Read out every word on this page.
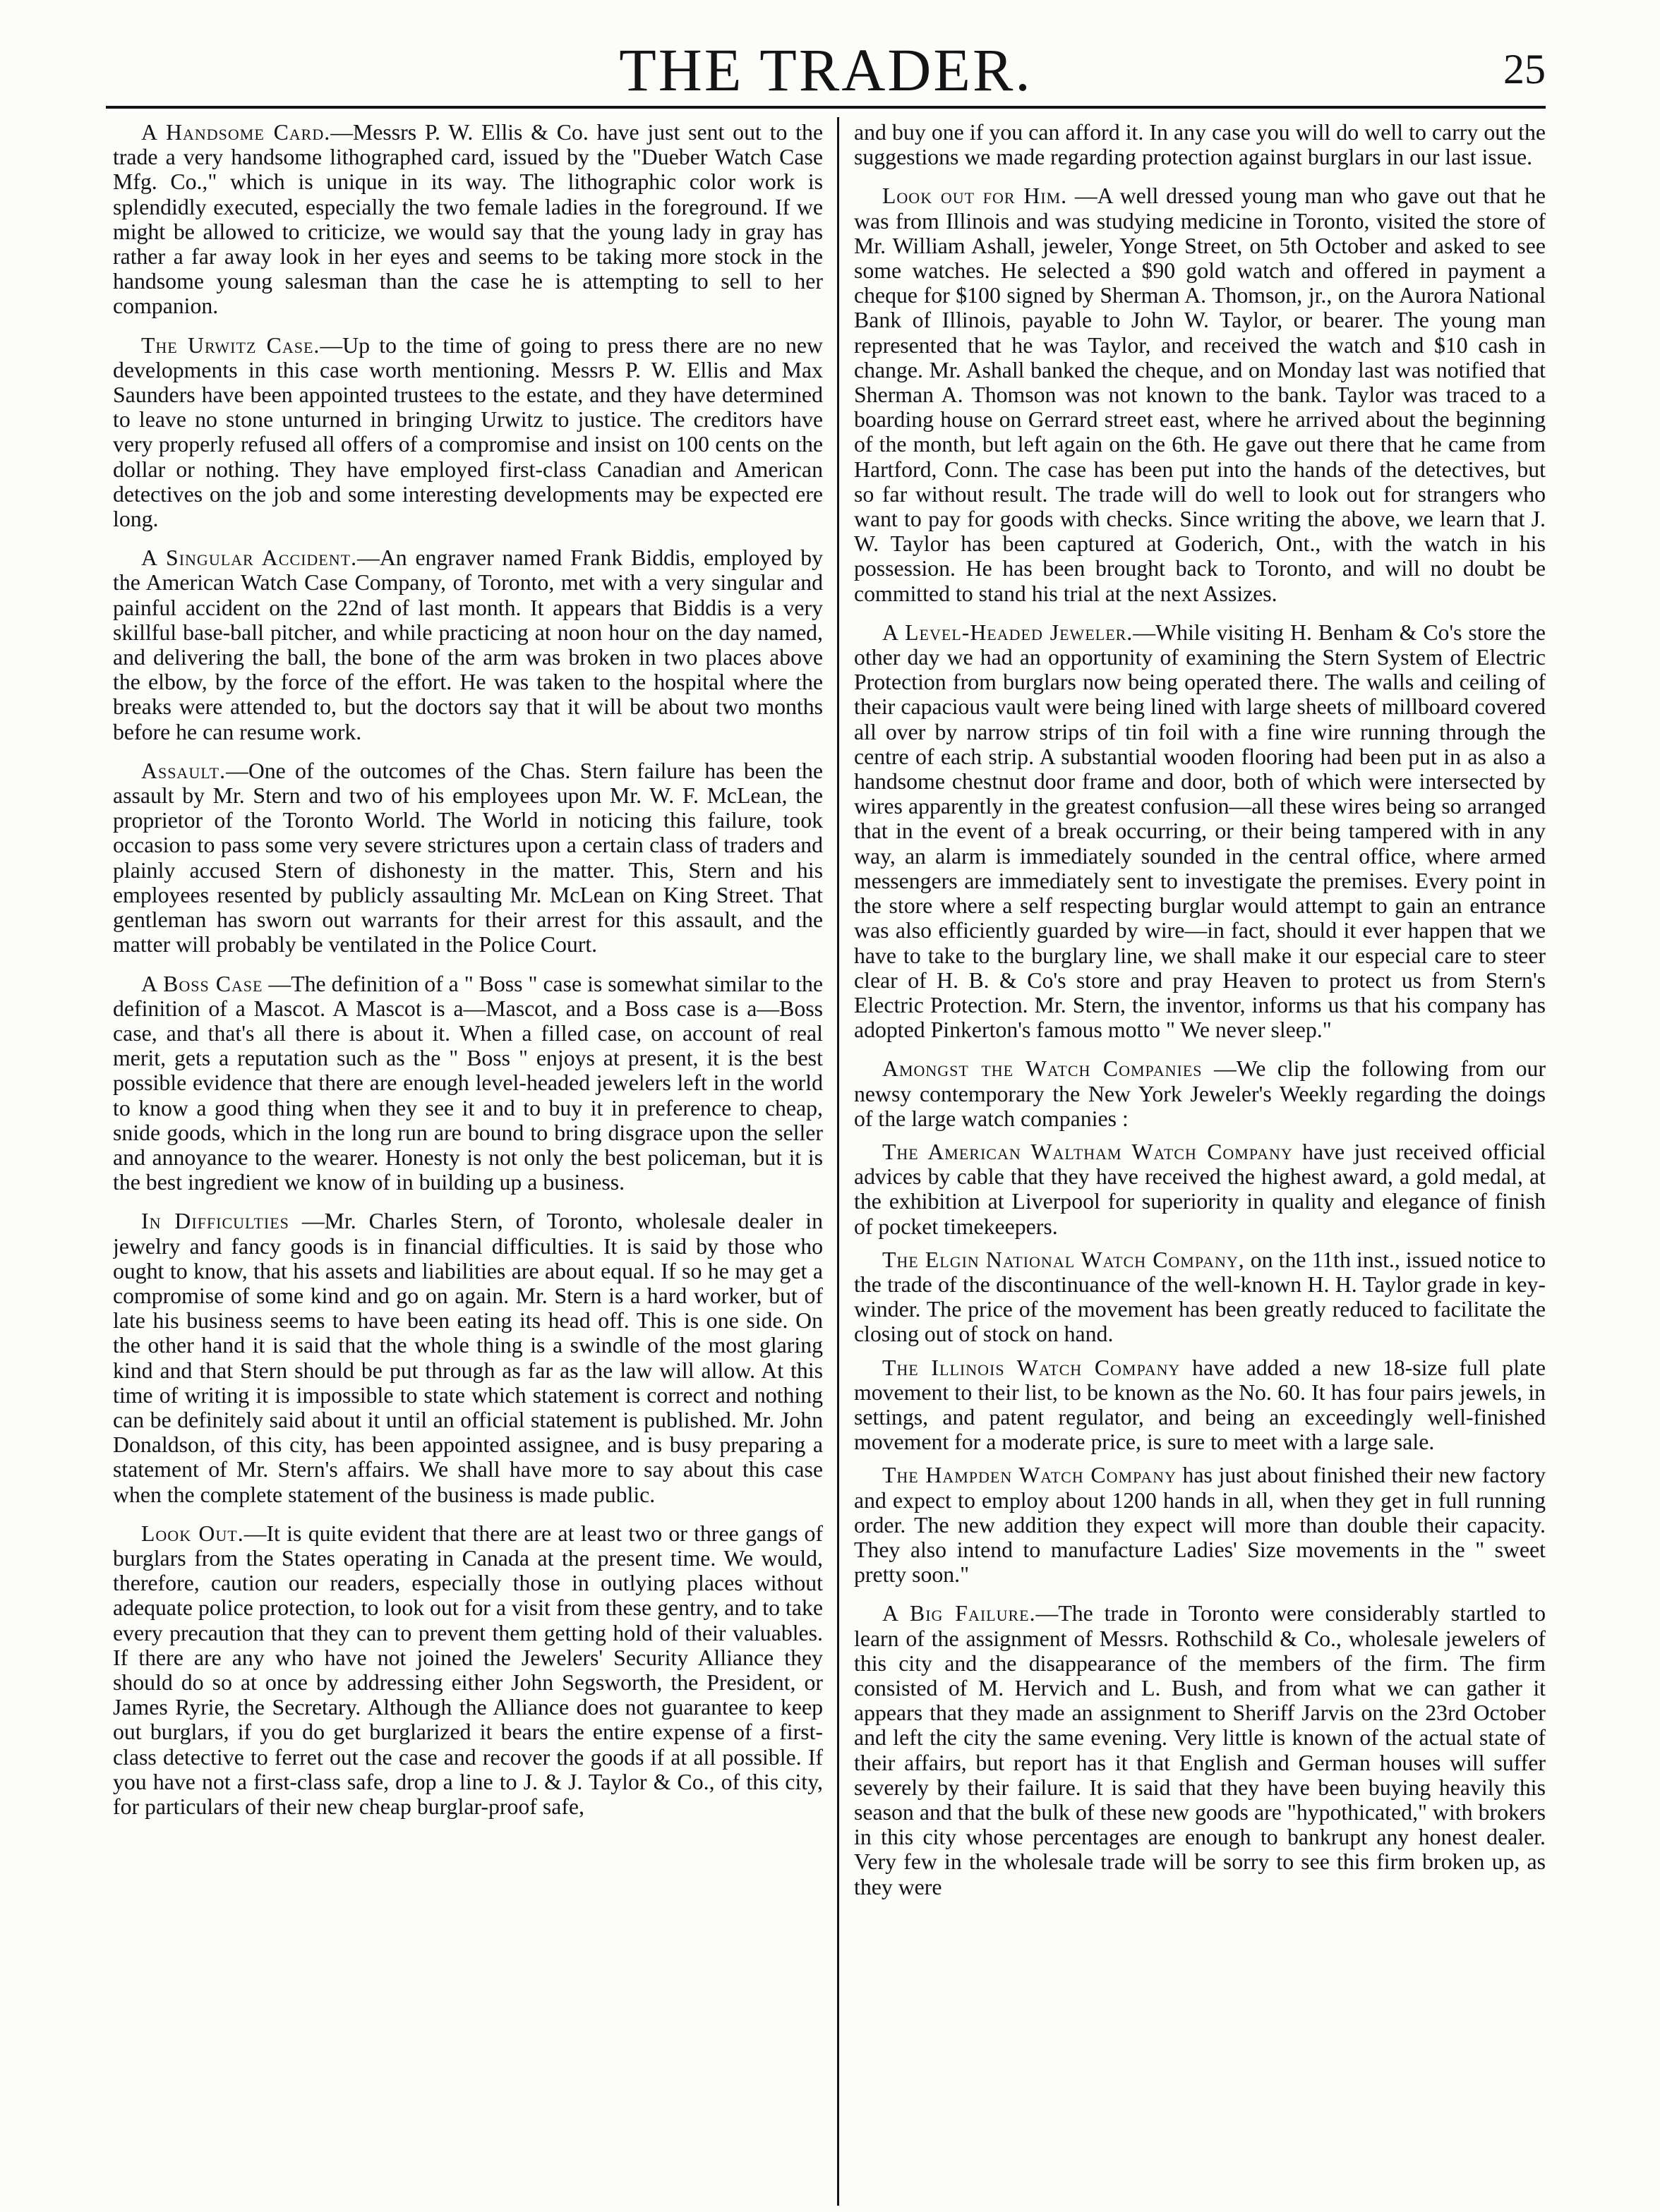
THE TRADER.	25

A Handsome Card.—Messrs P. W. Ellis & Co. have just sent out to the trade a very handsome lithographed card, issued by the "Dueber Watch Case Mfg. Co.," which is unique in its way. The lithographic color work is splendidly executed, especially the two female ladies in the foreground. If we might be allowed to criticize, we would say that the young lady in gray has rather a far away look in her eyes and seems to be taking more stock in the handsome young salesman than the case he is attempting to sell to her companion.

The Urwitz Case.—Up to the time of going to press there are no new developments in this case worth mentioning. Messrs P. W. Ellis and Max Saunders have been appointed trustees to the estate, and they have determined to leave no stone unturned in bringing Urwitz to justice. The creditors have very properly refused all offers of a compromise and insist on 100 cents on the dollar or nothing. They have employed first-class Canadian and American detectives on the job and some interesting developments may be expected ere long.

A Singular Accident.—An engraver named Frank Biddis, employed by the American Watch Case Company, of Toronto, met with a very singular and painful accident on the 22nd of last month. It appears that Biddis is a very skillful base-ball pitcher, and while practicing at noon hour on the day named, and delivering the ball, the bone of the arm was broken in two places above the elbow, by the force of the effort. He was taken to the hospital where the breaks were attended to, but the doctors say that it will be about two months before he can resume work.

Assault.—One of the outcomes of the Chas. Stern failure has been the assault by Mr. Stern and two of his employees upon Mr. W. F. McLean, the proprietor of the Toronto World. The World in noticing this failure, took occasion to pass some very severe strictures upon a certain class of traders and plainly accused Stern of dishonesty in the matter. This, Stern and his employees resented by publicly assaulting Mr. McLean on King Street. That gentleman has sworn out warrants for their arrest for this assault, and the matter will probably be ventilated in the Police Court.

A Boss Case —The definition of a " Boss " case is somewhat similar to the definition of a Mascot. A Mascot is a—Mascot, and a Boss case is a—Boss case, and that's all there is about it. When a filled case, on account of real merit, gets a reputation such as the " Boss " enjoys at present, it is the best possible evidence that there are enough level-headed jewelers left in the world to know a good thing when they see it and to buy it in preference to cheap, snide goods, which in the long run are bound to bring disgrace upon the seller and annoyance to the wearer. Honesty is not only the best policeman, but it is the best ingredient we know of in building up a business.

In Difficulties —Mr. Charles Stern, of Toronto, wholesale dealer in jewelry and fancy goods is in financial difficulties. It is said by those who ought to know, that his assets and liabilities are about equal. If so he may get a compromise of some kind and go on again. Mr. Stern is a hard worker, but of late his business seems to have been eating its head off. This is one side. On the other hand it is said that the whole thing is a swindle of the most glaring kind and that Stern should be put through as far as the law will allow. At this time of writing it is impossible to state which statement is correct and nothing can be definitely said about it until an official statement is published. Mr. John Donaldson, of this city, has been appointed assignee, and is busy preparing a statement of Mr. Stern's affairs. We shall have more to say about this case when the complete statement of the business is made public.

Look Out.—It is quite evident that there are at least two or three gangs of burglars from the States operating in Canada at the present time. We would, therefore, caution our readers, especially those in outlying places without adequate police protection, to look out for a visit from these gentry, and to take every precaution that they can to prevent them getting hold of their valuables. If there are any who have not joined the Jewelers' Security Alliance they should do so at once by addressing either John Segsworth, the President, or James Ryrie, the Secretary. Although the Alliance does not guarantee to keep out burglars, if you do get burglarized it bears the entire expense of a first-class detective to ferret out the case and recover the goods if at all possible. If you have not a first-class safe, drop a line to J. & J. Taylor & Co., of this city, for particulars of their new cheap burglar-proof safe,

and buy one if you can afford it. In any case you will do well to carry out the suggestions we made regarding protection against burglars in our last issue.

Look out for Him. —A well dressed young man who gave out that he was from Illinois and was studying medicine in Toronto, visited the store of Mr. William Ashall, jeweler, Yonge Street, on 5th October and asked to see some watches. He selected a $90 gold watch and offered in payment a cheque for $100 signed by Sherman A. Thomson, jr., on the Aurora National Bank of Illinois, payable to John W. Taylor, or bearer. The young man represented that he was Taylor, and received the watch and $10 cash in change. Mr. Ashall banked the cheque, and on Monday last was notified that Sherman A. Thomson was not known to the bank. Taylor was traced to a boarding house on Gerrard street east, where he arrived about the beginning of the month, but left again on the 6th. He gave out there that he came from Hartford, Conn. The case has been put into the hands of the detectives, but so far without result. The trade will do well to look out for strangers who want to pay for goods with checks. Since writing the above, we learn that J. W. Taylor has been captured at Goderich, Ont., with the watch in his possession. He has been brought back to Toronto, and will no doubt be committed to stand his trial at the next Assizes.

A Level-Headed Jeweler.—While visiting H. Benham & Co's store the other day we had an opportunity of examining the Stern System of Electric Protection from burglars now being operated there. The walls and ceiling of their capacious vault were being lined with large sheets of millboard covered all over by narrow strips of tin foil with a fine wire running through the centre of each strip. A substantial wooden flooring had been put in as also a handsome chestnut door frame and door, both of which were intersected by wires apparently in the greatest confusion—all these wires being so arranged that in the event of a break occurring, or their being tampered with in any way, an alarm is immediately sounded in the central office, where armed messengers are immediately sent to investigate the premises. Every point in the store where a self respecting burglar would attempt to gain an entrance was also efficiently guarded by wire—in fact, should it ever happen that we have to take to the burglary line, we shall make it our especial care to steer clear of H. B. & Co's store and pray Heaven to protect us from Stern's Electric Protection. Mr. Stern, the inventor, informs us that his company has adopted Pinkerton's famous motto " We never sleep."

Amongst the Watch Companies —We clip the following from our newsy contemporary the New York Jeweler's Weekly regarding the doings of the large watch companies :

The American Waltham Watch Company have just received official advices by cable that they have received the highest award, a gold medal, at the exhibition at Liverpool for superiority in quality and elegance of finish of pocket timekeepers.

The Elgin National Watch Company, on the 11th inst., issued notice to the trade of the discontinuance of the well-known H. H. Taylor grade in key-winder. The price of the movement has been greatly reduced to facilitate the closing out of stock on hand.

The Illinois Watch Company have added a new 18-size full plate movement to their list, to be known as the No. 60. It has four pairs jewels, in settings, and patent regulator, and being an exceedingly well-finished movement for a moderate price, is sure to meet with a large sale.

The Hampden Watch Company has just about finished their new factory and expect to employ about 1200 hands in all, when they get in full running order. The new addition they expect will more than double their capacity. They also intend to manufacture Ladies' Size movements in the " sweet pretty soon."

A Big Failure.—The trade in Toronto were considerably startled to learn of the assignment of Messrs. Rothschild & Co., wholesale jewelers of this city and the disappearance of the members of the firm. The firm consisted of M. Hervich and L. Bush, and from what we can gather it appears that they made an assignment to Sheriff Jarvis on the 23rd October and left the city the same evening. Very little is known of the actual state of their affairs, but report has it that English and German houses will suffer severely by their failure. It is said that they have been buying heavily this season and that the bulk of these new goods are "hypothicated," with brokers in this city whose percentages are enough to bankrupt any honest dealer. Very few in the wholesale trade will be sorry to see this firm broken up, as they were
